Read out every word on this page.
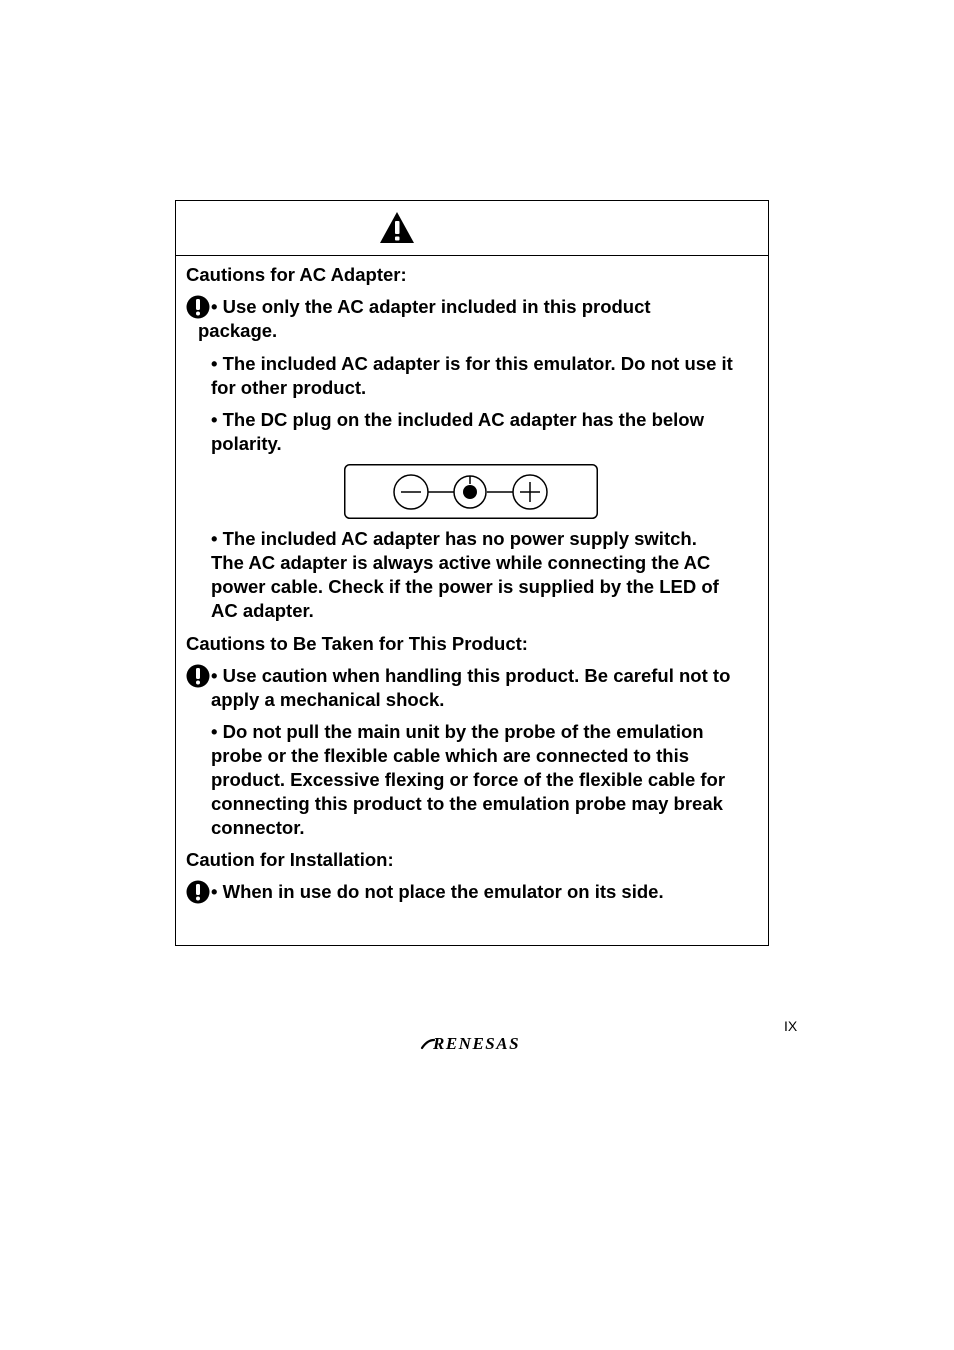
Cautions for AC Adapter:
• Use only the AC adapter included in this product
package.
• The included AC adapter is for this emulator. Do not use it
for other product.
• The DC plug on the included AC adapter has the below
polarity.
• The included AC adapter has no power supply switch.
The AC adapter is always active while connecting the AC
power cable. Check if the power is supplied by the LED of
AC adapter.
Cautions to Be Taken for This Product:
• Use caution when handling this product. Be careful not to
apply a mechanical shock.
• Do not pull the main unit by the probe of the emulation
probe or the flexible cable which are connected to this
product. Excessive flexing or force of the flexible cable for
connecting this product to the emulation probe may break
connector.
Caution for Installation:
• When in use do not place the emulator on its side.
IX
RENESAS
